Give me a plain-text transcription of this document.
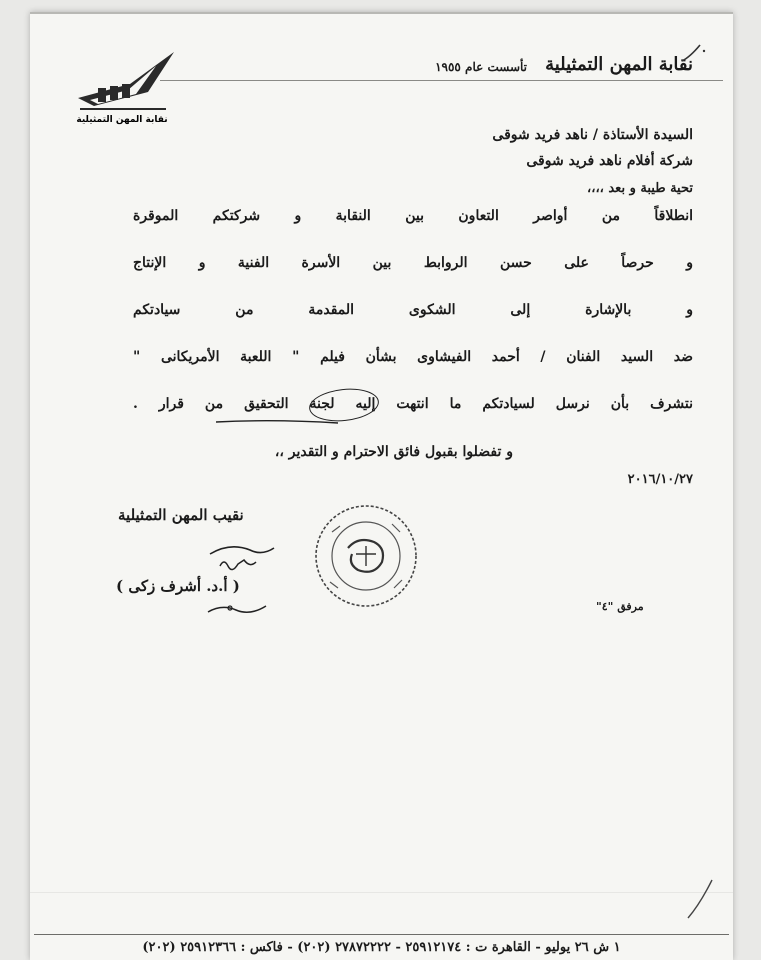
نقابة المهن التمثيلية
نقابة المهن التمثيلية
تأسست عام ١٩٥٥
السيدة الأستاذة / ناهد فريد شوقى
شركة أفلام ناهد فريد شوقى
تحية طيبة و بعد ،،،،
انطلاقاً من أواصر التعاون بين النقابة و شركتكم الموقرة
و حرصاً على حسن الروابط بين الأسرة الفنية و الإنتاج
و بالإشارة إلى الشكوى المقدمة من سيادتكم
ضد السيد الفنان / أحمد الفيشاوى بشأن فيلم " اللعبة الأمريكانى "
نتشرف بأن نرسل لسيادتكم ما انتهت إليه لجنة التحقيق من قرار .
و تفضلوا بقبول فائق الاحترام و التقدير ،،
٢٠١٦/١٠/٢٧
نقيب المهن التمثيلية
( أ.د. أشرف زكى )
مرفق "٤"
١ ش ٢٦ يوليو - القاهرة ت : ٢٥٩١٢١٧٤ - ٢٧٨٧٢٢٢٢ (٢٠٢) - فاكس : ٢٥٩١٢٣٦٦ (٢٠٢)
